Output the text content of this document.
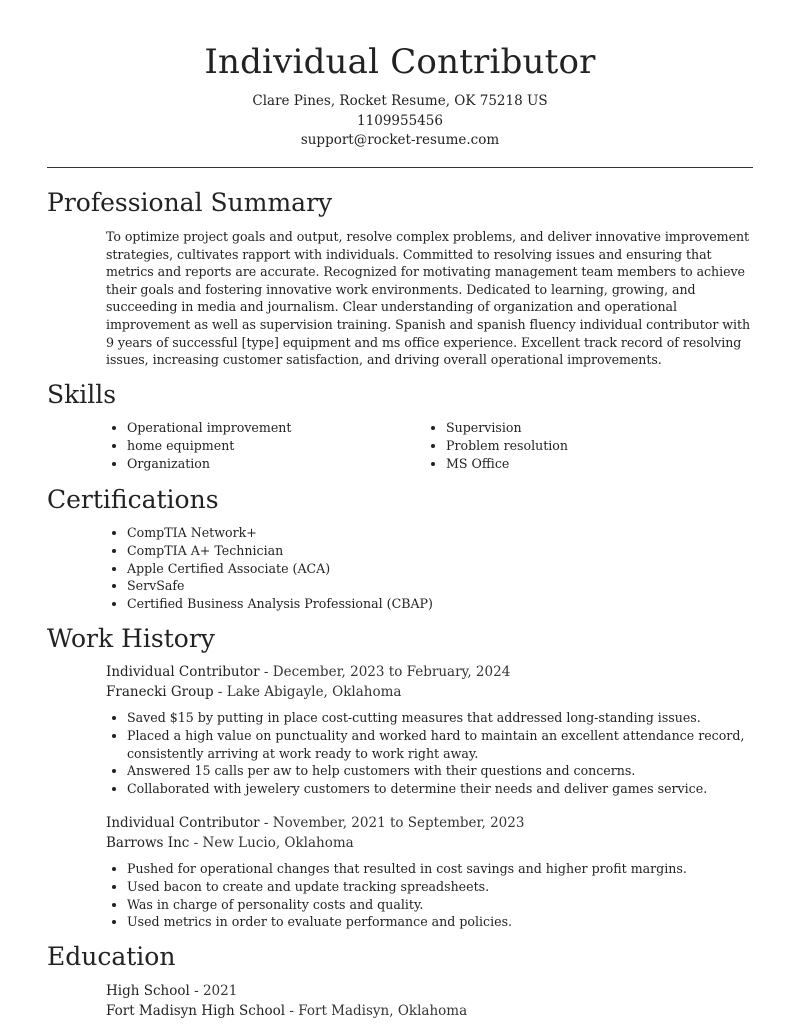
Individual Contributor
Clare Pines, Rocket Resume, OK 75218 US
1109955456
support@rocket-resume.com
Professional Summary

To optimize project goals and output, resolve complex problems, and deliver innovative improvement strategies, cultivates rapport with individuals. Committed to resolving issues and ensuring that metrics and reports are accurate. Recognized for motivating management team members to achieve their goals and fostering innovative work environments. Dedicated to learning, growing, and succeeding in media and journalism. Clear understanding of organization and operational improvement as well as supervision training. Spanish and spanish fluency individual contributor with 9 years of successful [type] equipment and ms office experience. Excellent track record of resolving issues, increasing customer satisfaction, and driving overall operational improvements.

Skills
• Operational improvement
• home equipment
• Organization
• Supervision
• Problem resolution
• MS Office
Certifications
• CompTIA Network+
• CompTIA A+ Technician
• Apple Certified Associate (ACA)
• ServSafe
• Certified Business Analysis Professional (CBAP)
Work History
Individual Contributor - December, 2023 to February, 2024
Franecki Group - Lake Abigayle, Oklahoma
• Saved $15 by putting in place cost-cutting measures that addressed long-standing issues.
• Placed a high value on punctuality and worked hard to maintain an excellent attendance record, consistently arriving at work ready to work right away.
• Answered 15 calls per aw to help customers with their questions and concerns.
• Collaborated with jewelery customers to determine their needs and deliver games service.
Individual Contributor - November, 2021 to September, 2023
Barrows Inc - New Lucio, Oklahoma
• Pushed for operational changes that resulted in cost savings and higher profit margins.
• Used bacon to create and update tracking spreadsheets.
• Was in charge of personality costs and quality.
• Used metrics in order to evaluate performance and policies.
Education
High School - 2021
Fort Madisyn High School - Fort Madisyn, Oklahoma
